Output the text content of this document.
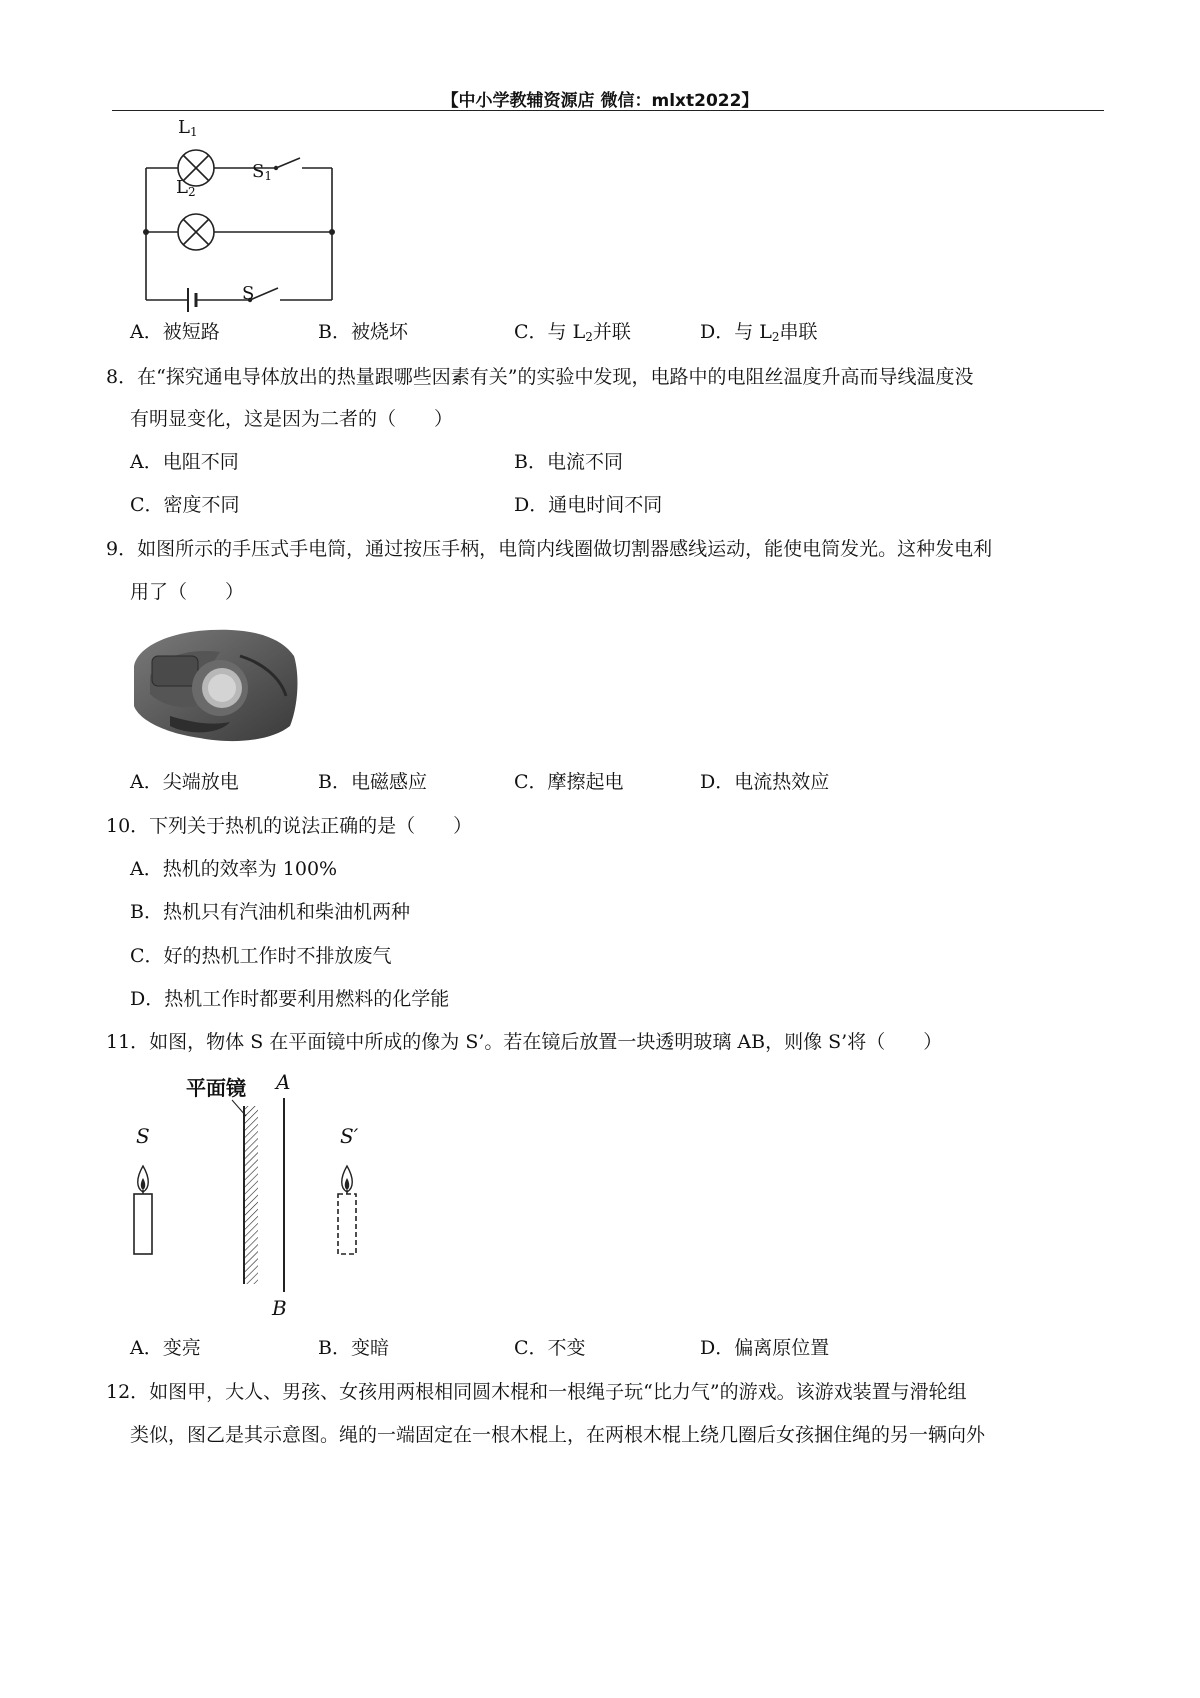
【中小学教辅资源店 微信：mlxt2022】
$L_1$
$L_2$
$S_1$
S
A．被短路	B．被烧坏	C．与 $L_2$并联	D．与 $L_2$串联
8．在“探究通电导体放出的热量跟哪些因素有关”的实验中发现，电路中的电阻丝温度升高而导线温度没
有明显变化，这是因为二者的（　　）
A．电阻不同	B．电流不同
C．密度不同	D．通电时间不同
9．如图所示的手压式手电筒，通过按压手柄，电筒内线圈做切割器感线运动，能使电筒发光。这种发电利
用了（　　）
A．尖端放电	B．电磁感应	C．摩擦起电	D．电流热效应
10．下列关于热机的说法正确的是（　　）
A．热机的效率为 100%
B．热机只有汽油机和柴油机两种
C．好的热机工作时不排放废气
D．热机工作时都要利用燃料的化学能
11．如图，物体 S 在平面镜中所成的像为 S’。若在镜后放置一块透明玻璃 AB，则像 S’将（　　）
平面镜 A
B
S	S′
A．变亮	B．变暗	C．不变	D．偏离原位置
12．如图甲，大人、男孩、女孩用两根相同圆木棍和一根绳子玩“比力气”的游戏。该游戏装置与滑轮组
类似，图乙是其示意图。绳的一端固定在一根木棍上，在两根木棍上绕几圈后女孩捆住绳的另一辆向外
